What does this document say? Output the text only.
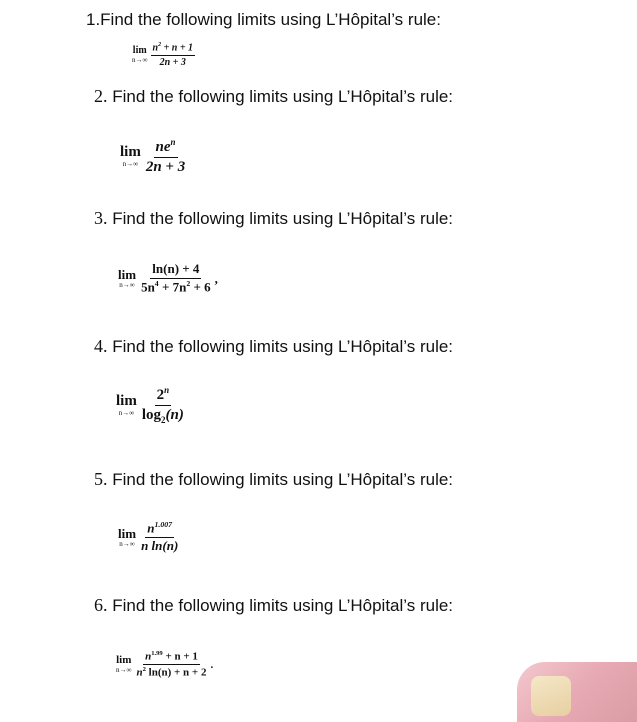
1.Find the following limits using L’Hôpital’s rule:
lim
$n\to\infty \frac{n^2 + n + 1}{2n + 3}$
2. Find the following limits using L’Hôpital’s rule:
lim
$n\to\infty \frac{ne^n}{2n + 3}$
3. Find the following limits using L’Hôpital’s rule:
lim
$n\to\infty \frac{\ln(n) + 4}{5n^4 + 7n^2 + 6}$ ,
4. Find the following limits using L’Hôpital’s rule:
lim
$n\to\infty \frac{2^n}{\log_2(n)}$
5. Find the following limits using L’Hôpital’s rule:
lim
$n\to\infty \frac{n^{1.007}}{\text{n ln(n)}}$
6. Find the following limits using L’Hôpital’s rule:
lim
$n\to\infty \frac{n^{1.99} + n + 1}{n^2 \ln(n) + n + 2}$ .
